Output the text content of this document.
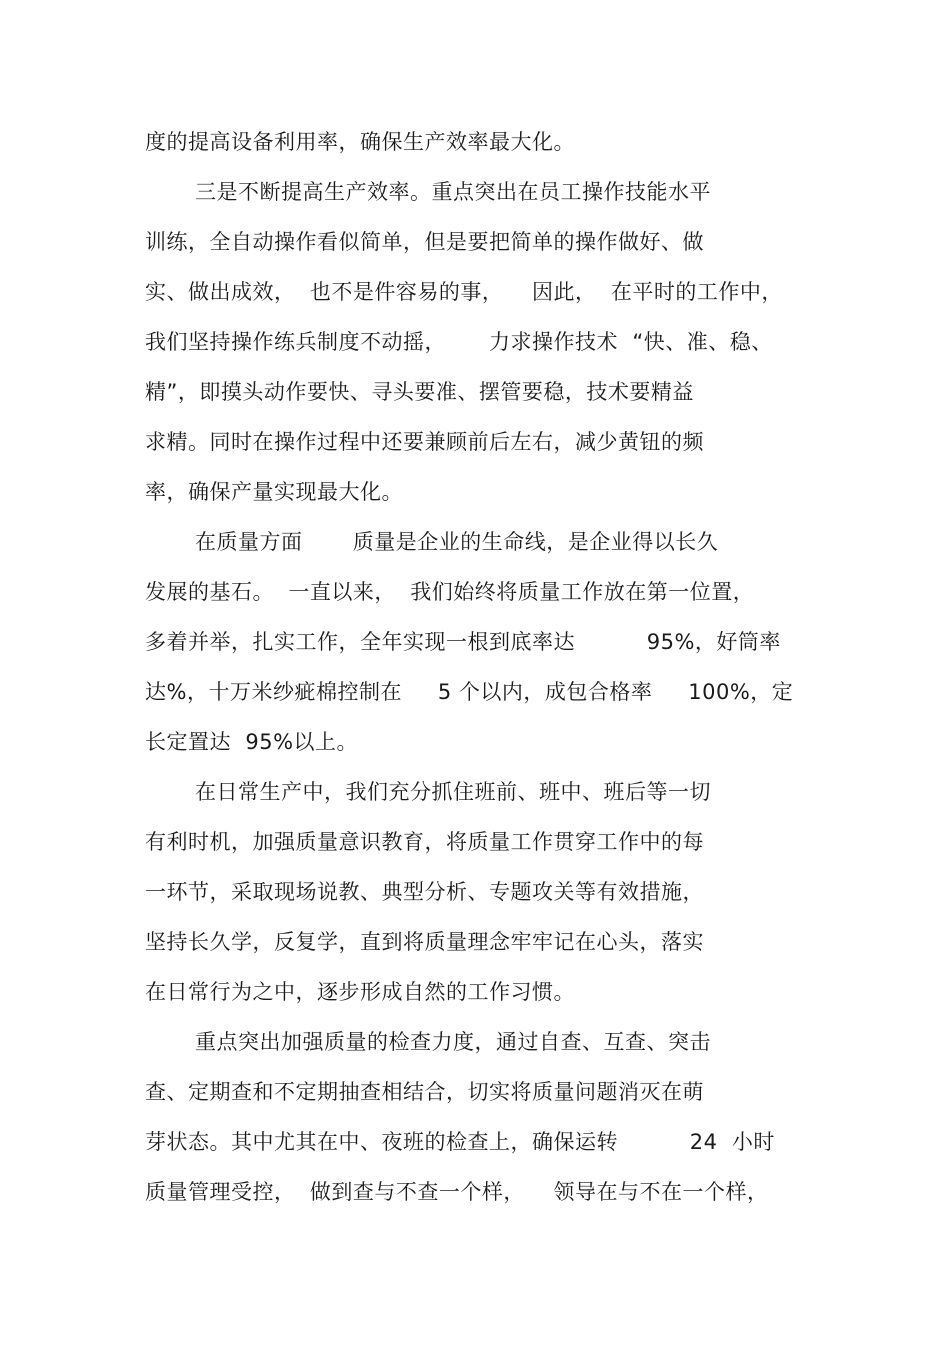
度的提高设备利用率，确保生产效率最大化。
三是不断提高生产效率。重点突出在员工操作技能水平
训练，全自动操作看似简单，但是要把简单的操作做好、做
实、做出成效，  也不是件容易的事，    因此，  在平时的工作中，
我们坚持操作练兵制度不动摇，      力求操作技术  “快、准、稳、
精”，即摸头动作要快、寻头要准、摆管要稳，技术要精益
求精。同时在操作过程中还要兼顾前后左右，减少黄钮的频
率，确保产量实现最大化。
在质量方面       质量是企业的生命线，是企业得以长久
发展的基石。  一直以来，  我们始终将质量工作放在第一位置，
多着并举，扎实工作，全年实现一根到底率达          95%，好筒率
达%，十万米纱疵棉控制在     5 个以内，成包合格率     100%，定
长定置达  95%以上。
在日常生产中，我们充分抓住班前、班中、班后等一切
有利时机，加强质量意识教育，将质量工作贯穿工作中的每
一环节，采取现场说教、典型分析、专题攻关等有效措施，
坚持长久学，反复学，直到将质量理念牢牢记在心头，落实
在日常行为之中，逐步形成自然的工作习惯。
重点突出加强质量的检查力度，通过自查、互查、突击
查、定期查和不定期抽查相结合，切实将质量问题消灭在萌
芽状态。其中尤其在中、夜班的检查上，确保运转          24  小时
质量管理受控，  做到查与不查一个样，    领导在与不在一个样，
